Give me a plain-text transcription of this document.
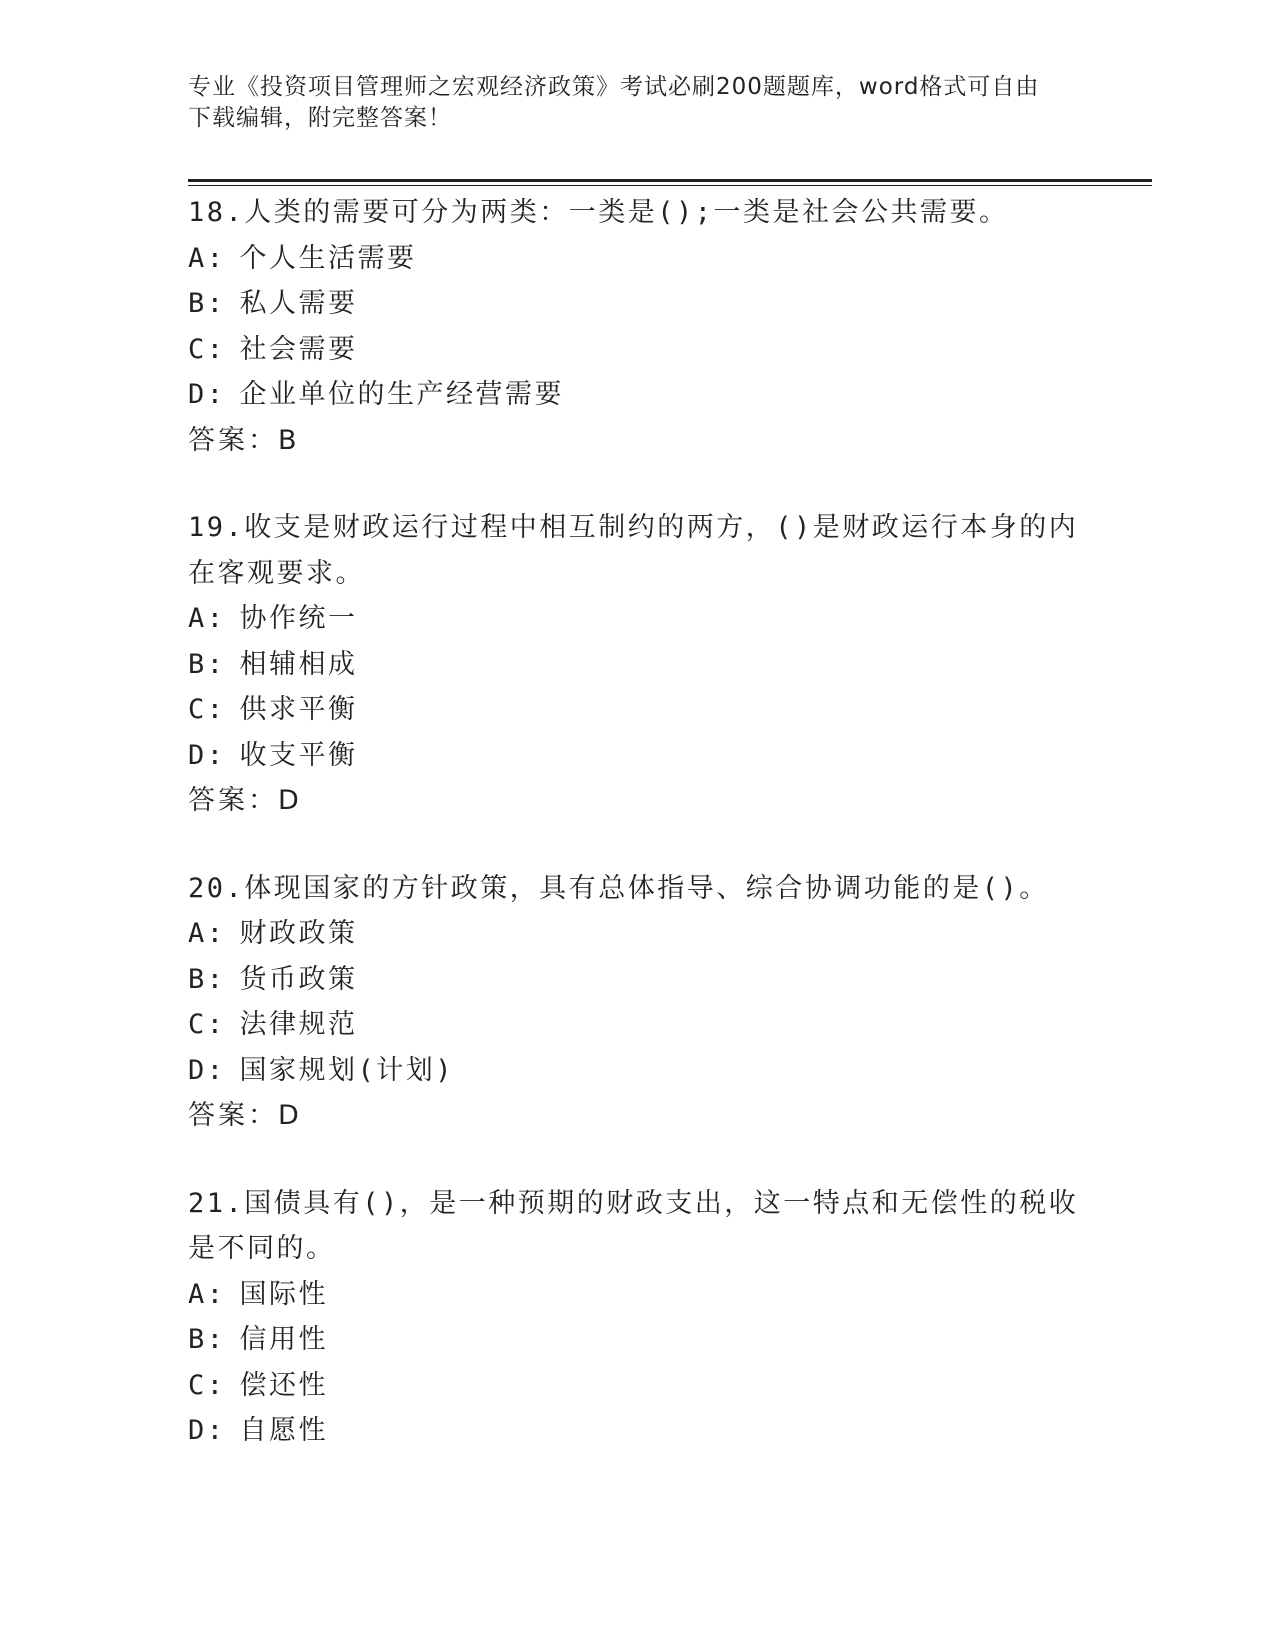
专业《投资项目管理师之宏观经济政策》考试必刷200题题库，word格式可自由
下载编辑，附完整答案！

18.人类的需要可分为两类：一类是();一类是社会公共需要。

A: 个人生活需要

B: 私人需要

C: 社会需要

D: 企业单位的生产经营需要

答案：B

19.收支是财政运行过程中相互制约的两方，()是财政运行本身的内在客观要求。

A: 协作统一

B: 相辅相成

C: 供求平衡

D: 收支平衡

答案：D

20.体现国家的方针政策，具有总体指导、综合协调功能的是()。

A: 财政政策

B: 货币政策

C: 法律规范

D: 国家规划(计划)

答案：D

21.国债具有()，是一种预期的财政支出，这一特点和无偿性的税收是不同的。

A: 国际性

B: 信用性

C: 偿还性

D: 自愿性
